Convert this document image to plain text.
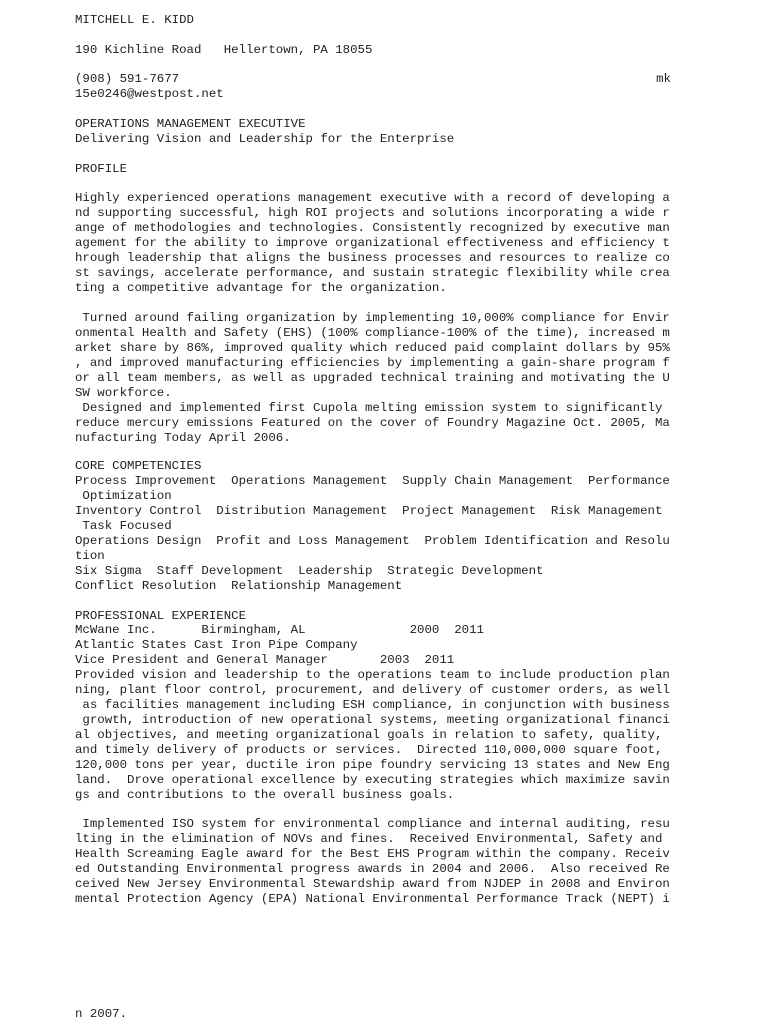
MITCHELL E. KIDD

190 Kichline Road   Hellertown, PA 18055

(908) 591-7677	mk

15e0246@westpost.net

OPERATIONS MANAGEMENT EXECUTIVE

Delivering Vision and Leadership for the Enterprise

PROFILE

Highly experienced operations management executive with a record of developing a

nd supporting successful, high ROI projects and solutions incorporating a wide r

ange of methodologies and technologies. Consistently recognized by executive man

agement for the ability to improve organizational effectiveness and efficiency t

hrough leadership that aligns the business processes and resources to realize co

st savings, accelerate performance, and sustain strategic flexibility while crea

ting a competitive advantage for the organization.

Turned around failing organization by implementing 10,000% compliance for Envir

onmental Health and Safety (EHS) (100% compliance-100% of the time), increased m

arket share by 86%, improved quality which reduced paid complaint dollars by 95%

, and improved manufacturing efficiencies by implementing a gain-share program f

or all team members, as well as upgraded technical training and motivating the U

SW workforce.

Designed and implemented first Cupola melting emission system to significantly

reduce mercury emissions Featured on the cover of Foundry Magazine Oct. 2005, Ma

nufacturing Today April 2006.

CORE COMPETENCIES

Process Improvement  Operations Management  Supply Chain Management  Performance

Optimization

Inventory Control  Distribution Management  Project Management  Risk Management

Task Focused

Operations Design  Profit and Loss Management  Problem Identification and Resolu

tion

Six Sigma  Staff Development  Leadership  Strategic Development

Conflict Resolution  Relationship Management

PROFESSIONAL EXPERIENCE

McWane Inc.      Birmingham, AL              2000  2011

Atlantic States Cast Iron Pipe Company

Vice President and General Manager       2003  2011

Provided vision and leadership to the operations team to include production plan

ning, plant floor control, procurement, and delivery of customer orders, as well

as facilities management including ESH compliance, in conjunction with business

growth, introduction of new operational systems, meeting organizational financi

al objectives, and meeting organizational goals in relation to safety, quality,

and timely delivery of products or services.  Directed 110,000,000 square foot,

120,000 tons per year, ductile iron pipe foundry servicing 13 states and New Eng

land.  Drove operational excellence by executing strategies which maximize savin

gs and contributions to the overall business goals.

Implemented ISO system for environmental compliance and internal auditing, resu

lting in the elimination of NOVs and fines.  Received Environmental, Safety and

Health Screaming Eagle award for the Best EHS Program within the company. Receiv

ed Outstanding Environmental progress awards in 2004 and 2006.  Also received Re

ceived New Jersey Environmental Stewardship award from NJDEP in 2008 and Environ

mental Protection Agency (EPA) National Environmental Performance Track (NEPT) i

n 2007.
